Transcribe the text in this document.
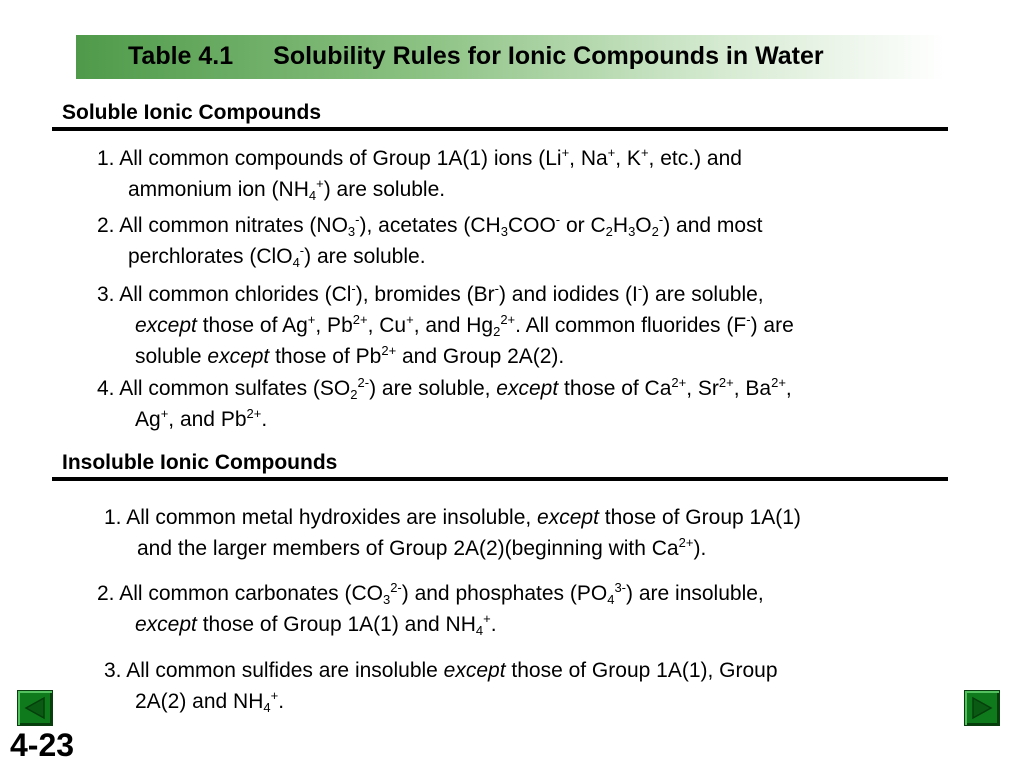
Table 4.1 Solubility Rules for Ionic Compounds in Water
Soluble Ionic Compounds
1. All common compounds of Group 1A(1) ions (Li+, Na+, K+, etc.) and
ammonium ion $(NH_4^+)$ are soluble.
2. All common nitrates $(NO_3^-)$, acetates ($CH_3COO^-$ or $C_2H_3O_2^-$) and most
perchlorates (ClO$_4$-) are soluble.
3. All common chlorides (Cl-), bromides (Br-) and iodides (I-) are soluble,
except those of Ag+, $Pb^{2+}$, Cu+, and $Hg_2^{2+}$. All common fluorides (F-) are
soluble except those of $Pb^{2+}$ and Group 2A(2).
4. All common sulfates $(SO_2^{2-})$ are soluble, except those of $Ca^{2+}$, $Sr^{2+}$, $Ba^{2+}$,
Ag+, and $Pb^{2+}$.
Insoluble Ionic Compounds
1. All common metal hydroxides are insoluble, except those of Group 1A(1)
and the larger members of Group 2A(2)(beginning with $Ca^{2+}$).
2. All common carbonates $(CO_3^{2-})$ and phosphates $(PO_4^{3-})$ are insoluble,
except those of Group 1A(1) and $NH_4^+$.
3. All common sulfides are insoluble except those of Group 1A(1), Group
2A(2) and $NH_4^+$.
4-23
